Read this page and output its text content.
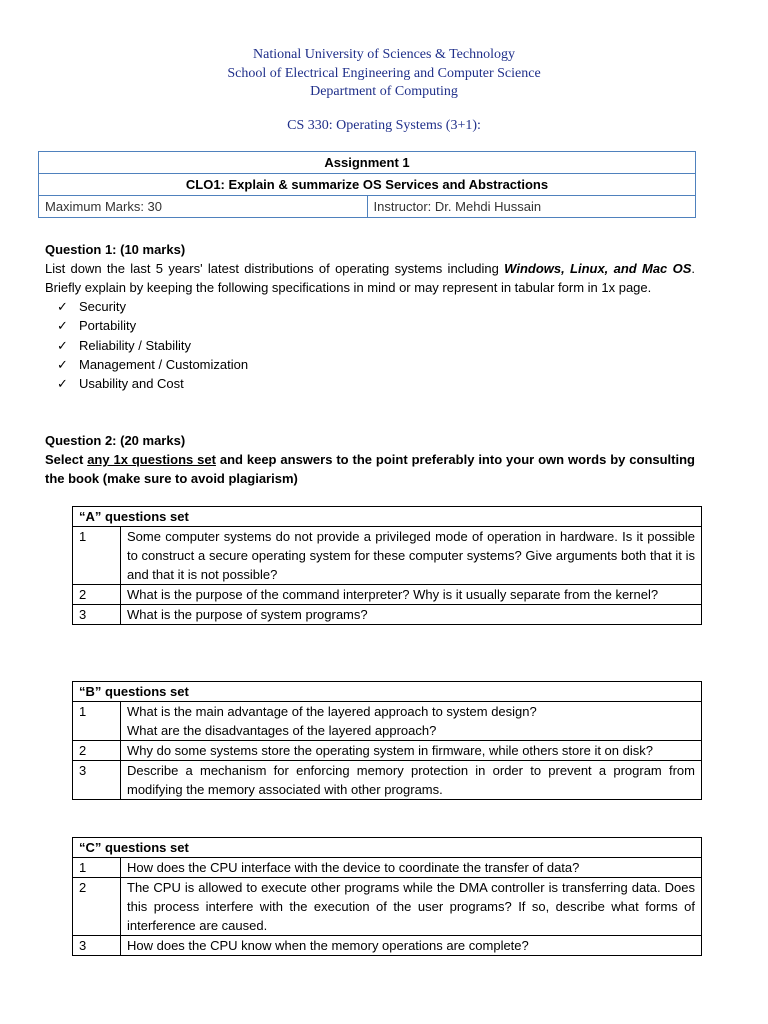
National University of Sciences & Technology
School of Electrical Engineering and Computer Science
Department of Computing
CS 330: Operating Systems (3+1):
Assignment 1
CLO1: Explain & summarize OS Services and Abstractions
Maximum Marks: 30	Instructor: Dr. Mehdi Hussain
Question 1: (10 marks)

List down the last 5 years' latest distributions of operating systems including Windows, Linux, and Mac OS. Briefly explain by keeping the following specifications in mind or may represent in tabular form in 1x page.

✓ Security
✓ Portability
✓ Reliability / Stability
✓ Management / Customization
✓ Usability and Cost
Question 2: (20 marks)

Select any 1x questions set and keep answers to the point preferably into your own words by consulting the book (make sure to avoid plagiarism)

“A” questions set	
1	Some computer systems do not provide a privileged mode of operation in hardware. Is it possible to construct a secure operating system for these computer systems? Give arguments both that it is and that it is not possible?
2	What is the purpose of the command interpreter? Why is it usually separate from the kernel?
3	What is the purpose of system programs?
“B” questions set	
1	What is the main advantage of the layered approach to system design?
What are the disadvantages of the layered approach?

2	Why do some systems store the operating system in firmware, while others store it on disk?
3	Describe a mechanism for enforcing memory protection in order to prevent a program from modifying the memory associated with other programs.
“C” questions set	
1	How does the CPU interface with the device to coordinate the transfer of data?
2	The CPU is allowed to execute other programs while the DMA controller is transferring data. Does this process interfere with the execution of the user programs? If so, describe what forms of interference are caused.
3	How does the CPU know when the memory operations are complete?
